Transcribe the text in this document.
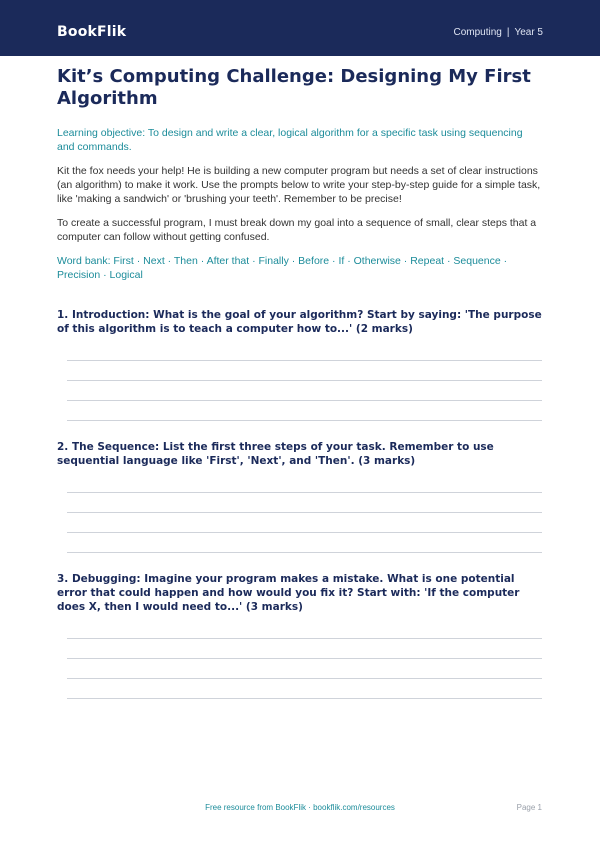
BookFlik	Computing | Year 5
Kit’s Computing Challenge: Designing My First Algorithm

Learning objective: To design and write a clear, logical algorithm for a specific task using sequencing and commands.

Kit the fox needs your help! He is building a new computer program but needs a set of clear instructions (an algorithm) to make it work. Use the prompts below to write your step-by-step guide for a simple task, like 'making a sandwich' or 'brushing your teeth'. Remember to be precise!

To create a successful program, I must break down my goal into a sequence of small, clear steps that a computer can follow without getting confused.

Word bank: First · Next · Then · After that · Finally · Before · If · Otherwise · Repeat · Sequence · Precision · Logical

1. Introduction: What is the goal of your algorithm? Start by saying: 'The purpose of this algorithm is to teach a computer how to...' (2 marks)

2. The Sequence: List the first three steps of your task. Remember to use sequential language like 'First', 'Next', and 'Then'. (3 marks)

3. Debugging: Imagine your program makes a mistake. What is one potential error that could happen and how would you fix it? Start with: 'If the computer does X, then I would need to...' (3 marks)

Free resource from BookFlik · bookflik.com/resources	Page 1
